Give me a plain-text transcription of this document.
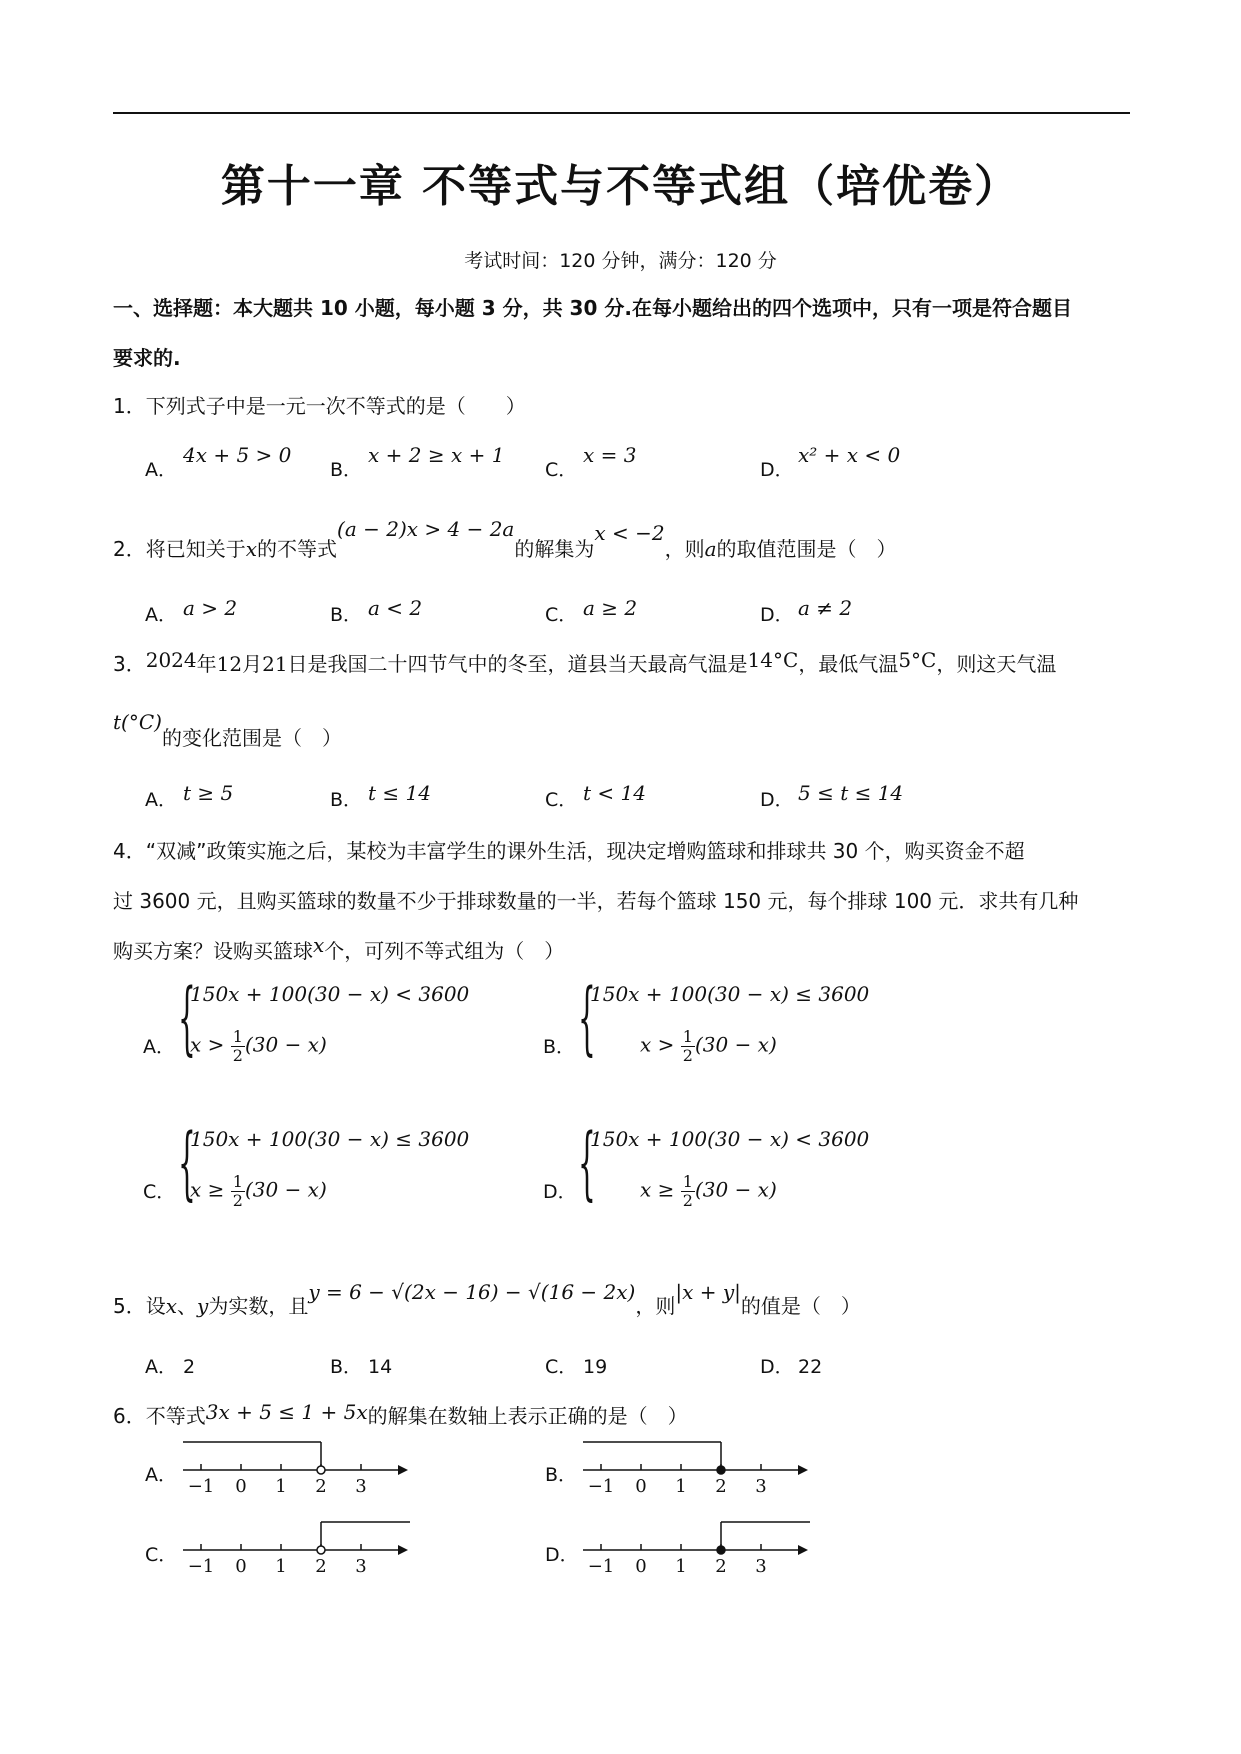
第十一章 不等式与不等式组（培优卷）
考试时间：120 分钟，满分：120 分
一、选择题：本大题共 10 小题，每小题 3 分，共 30 分.在每小题给出的四个选项中，只有一项是符合题目
要求的.
1．下列式子中是一元一次不等式的是（　　）
A．4x + 5 > 0
B．x + 2 ≥ x + 1
C．x = 3
D．x² + x < 0
2．将已知关于x的不等式(a − 2)x > 4 − 2a的解集为x < −2，则a的取值范围是（　）
A． a > 2	B． a < 2	C． a ≥ 2	D． a ≠ 2
3．2024年12月21日是我国二十四节气中的冬至，道县当天最高气温是14°C，最低气温5°C，则这天气温
t(°C)的变化范围是（　）
A． t ≥ 5	B． t ≤ 14	C． t < 14	D． 5 ≤ t ≤ 14
4．“双减”政策实施之后，某校为丰富学生的课外生活，现决定增购篮球和排球共 30 个，购买资金不超
过 3600 元，且购买篮球的数量不少于排球数量的一半，若每个篮球 150 元，每个排球 100 元．求共有几种
购买方案？设购买篮球x个，可列不等式组为（　）
A． {
150x + 100(30 − x) < 3600
$x > \frac{1}{2} (30 - x)$	B． {
150x + 100(30 − x) ≤ 3600
$x > \frac{1}{2} (30 - x)$
C． {
150x + 100(30 − x) ≤ 3600
$x \ge \frac{1}{2} (30 - x)$	D． {
150x + 100(30 − x) < 3600
$x \ge \frac{1}{2} (30 - x)$
5．设x、y为实数，且y = 6 − √(2x − 16) − √(16 − 2x)，则|x + y|的值是（　）
A． 2	B． 14	C． 19	D． 22
6．不等式3x + 5 ≤ 1 + 5x的解集在数轴上表示正确的是（　）
−1 0 1 2 3	−1 0 1 2 3
−1 0 1 2 3	−1 0 1 2 3
A．	B．
C．	D．
